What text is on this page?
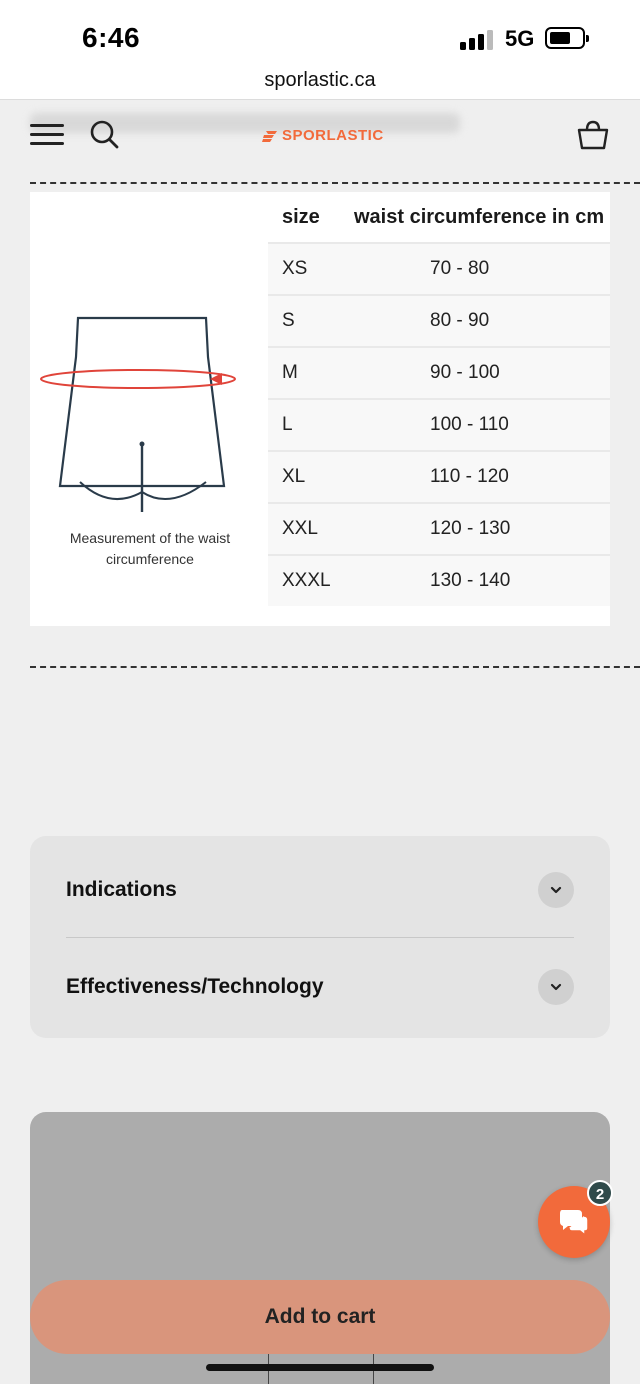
6:46	5G
sporlastic.ca
SPORLASTIC
Measurement of the waist circumference
size waist circumference in cm
XS	70 - 80
S	80 - 90
M	90 - 100
L	100 - 110
XL	110 - 120
XXL	120 - 130
XXXL	130 - 140
Indications
Effectiveness/Technology
2
Add to cart
